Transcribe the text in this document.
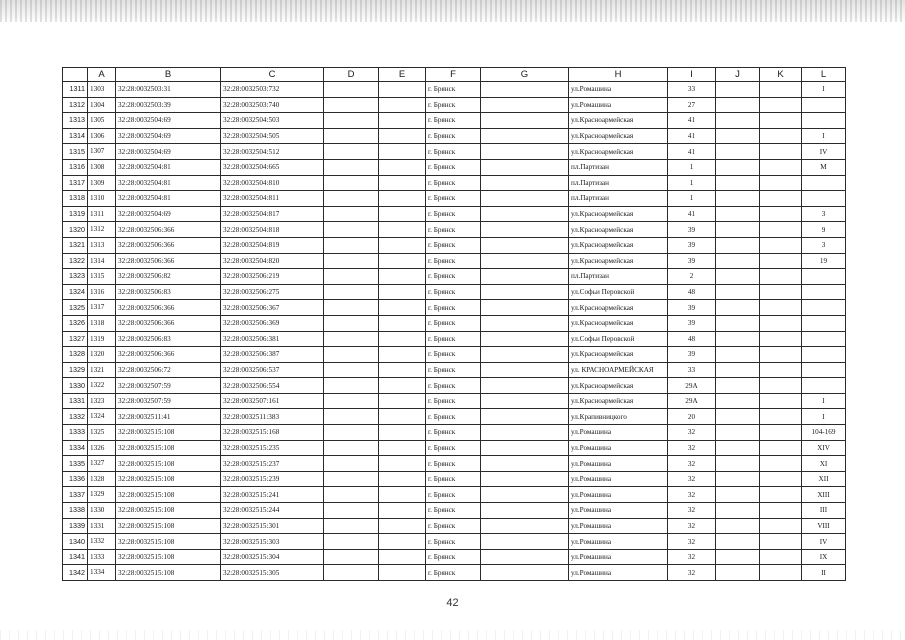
	A	B	C	D	E	F	G	H	I	J	K	L
1311	1303	32:28:0032503:31	32:28:0032503:732			г. Брянск		ул.Ромашина	33			I
1312	1304	32:28:0032503:39	32:28:0032503:740			г. Брянск		ул.Ромашина	27			
1313	1305	32:28:0032504:69	32:28:0032504:503			г. Брянск		ул.Красноармейская	41			
1314	1306	32:28:0032504:69	32:28:0032504:505			г. Брянск		ул.Красноармейская	41			I
1315	1307	32:28:0032504:69	32:28:0032504:512			г. Брянск		ул.Красноармейская	41			IV
1316	1308	32:28:0032504:81	32:28:0032504:665			г. Брянск		пл.Партизан	1			М
1317	1309	32:28:0032504:81	32:28:0032504:810			г. Брянск		пл.Партизан	1			
1318	1310	32:28:0032504:81	32:28:0032504:811			г. Брянск		пл.Партизан	1			
1319	1311	32:28:0032504:69	32:28:0032504:817			г. Брянск		ул.Красноармейская	41			3
1320	1312	32:28:0032506:366	32:28:0032504:818			г. Брянск		ул.Красноармейская	39			9
1321	1313	32:28:0032506:366	32:28:0032504:819			г. Брянск		ул.Красноармейская	39			3
1322	1314	32:28:0032506:366	32:28:0032504:820			г. Брянск		ул.Красноармейская	39			19
1323	1315	32:28:0032506:82	32:28:0032506:219			г. Брянск		пл.Партизан	2			
1324	1316	32:28:0032506:83	32:28:0032506:275			г. Брянск		ул.Софьи Перовской	48			
1325	1317	32:28:0032506:366	32:28:0032506:367			г. Брянск		ул.Красноармейская	39			
1326	1318	32:28:0032506:366	32:28:0032506:369			г. Брянск		ул.Красноармейская	39			
1327	1319	32:28:0032506:83	32:28:0032506:381			г. Брянск		ул.Софьи Перовской	48			
1328	1320	32:28:0032506:366	32:28:0032506:387			г. Брянск		ул.Красноармейская	39			
1329	1321	32:28:0032506:72	32:28:0032506:537			г. Брянск		ул. КРАСНОАРМЕЙСКАЯ	33			
1330	1322	32:28:0032507:59	32:28:0032506:554			г. Брянск		ул.Красноармейская	29А			
1331	1323	32:28:0032507:59	32:28:0032507:161			г. Брянск		ул.Красноармейская	29А			I
1332	1324	32:28:0032511:41	32:28:0032511:383			г. Брянск		ул.Крапивницкого	20			I
1333	1325	32:28:0032515:108	32:28:0032515:168			г. Брянск		ул.Ромашина	32			104-169
1334	1326	32:28:0032515:108	32:28:0032515:235			г. Брянск		ул.Ромашина	32			XIV
1335	1327	32:28:0032515:108	32:28:0032515:237			г. Брянск		ул.Ромашина	32			XI
1336	1328	32:28:0032515:108	32:28:0032515:239			г. Брянск		ул.Ромашина	32			XII
1337	1329	32:28:0032515:108	32:28:0032515:241			г. Брянск		ул.Ромашина	32			XIII
1338	1330	32:28:0032515:108	32:28:0032515:244			г. Брянск		ул.Ромашина	32			III
1339	1331	32:28:0032515:108	32:28:0032515:301			г. Брянск		ул.Ромашина	32			VIII
1340	1332	32:28:0032515:108	32:28:0032515:303			г. Брянск		ул.Ромашина	32			IV
1341	1333	32:28:0032515:108	32:28:0032515:304			г. Брянск		ул.Ромашина	32			IX
1342	1334	32:28:0032515:108	32:28:0032515:305			г. Брянск		ул.Ромашина	32			II
42
